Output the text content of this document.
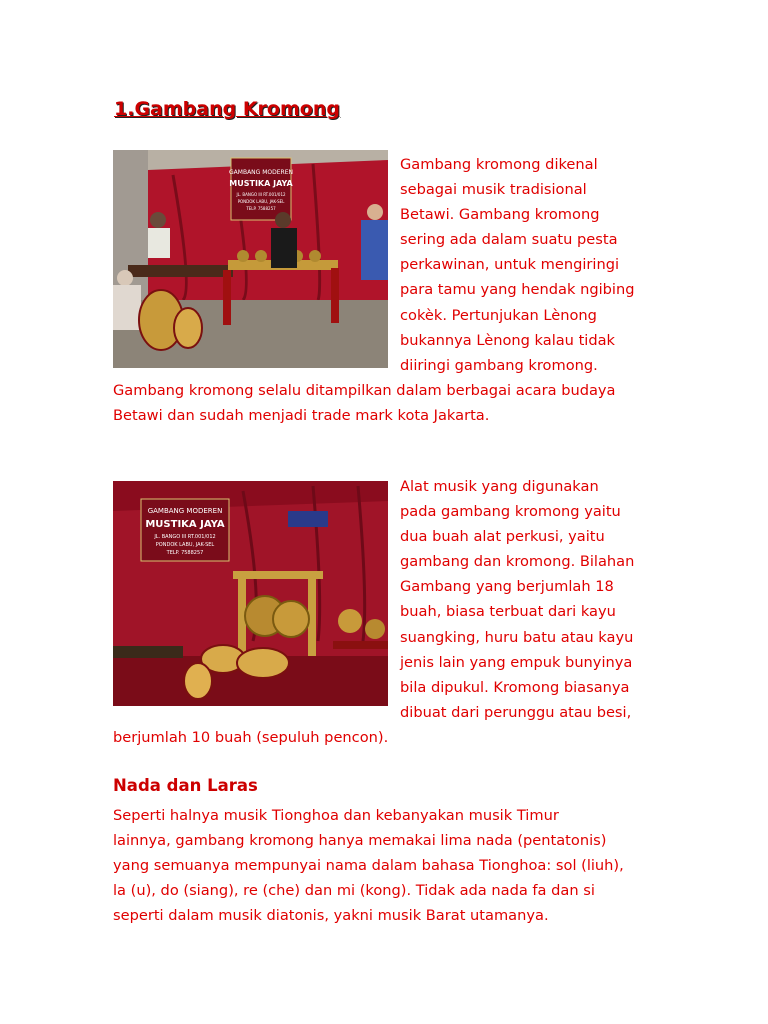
1.Gambang Kromong
GAMBANG MODEREN
MUSTIKA JAYA
JL. BANGO III RT.001/012
PONDOK LABU, JAK-SEL
TELP. 7588257
Gambang kromong dikenal
sebagai musik tradisional
Betawi. Gambang kromong
sering ada dalam suatu pesta
perkawinan, untuk mengiringi
para tamu yang hendak ngibing
cokèk. Pertunjukan Lènong
bukannya Lènong kalau tidak
diiringi gambang kromong.
Gambang kromong selalu ditampilkan dalam berbagai acara budaya
Betawi dan sudah menjadi trade mark kota Jakarta.
GAMBANG MODEREN
MUSTIKA JAYA
JL. BANGO III RT.001/012
PONDOK LABU, JAK-SEL
TELP. 7588257
Alat musik yang digunakan
pada gambang kromong yaitu
dua buah alat perkusi, yaitu
gambang dan kromong. Bilahan
Gambang yang berjumlah 18
buah, biasa terbuat dari kayu
suangking, huru batu atau kayu
jenis lain yang empuk bunyinya
bila dipukul. Kromong biasanya
dibuat dari perunggu atau besi,
berjumlah 10 buah (sepuluh pencon).
Nada dan Laras
Seperti halnya musik Tionghoa dan kebanyakan musik Timur
lainnya, gambang kromong hanya memakai lima nada (pentatonis)
yang semuanya mempunyai nama dalam bahasa Tionghoa: sol (liuh),
la (u), do (siang), re (che) dan mi (kong). Tidak ada nada fa dan si
seperti dalam musik diatonis, yakni musik Barat utamanya.
